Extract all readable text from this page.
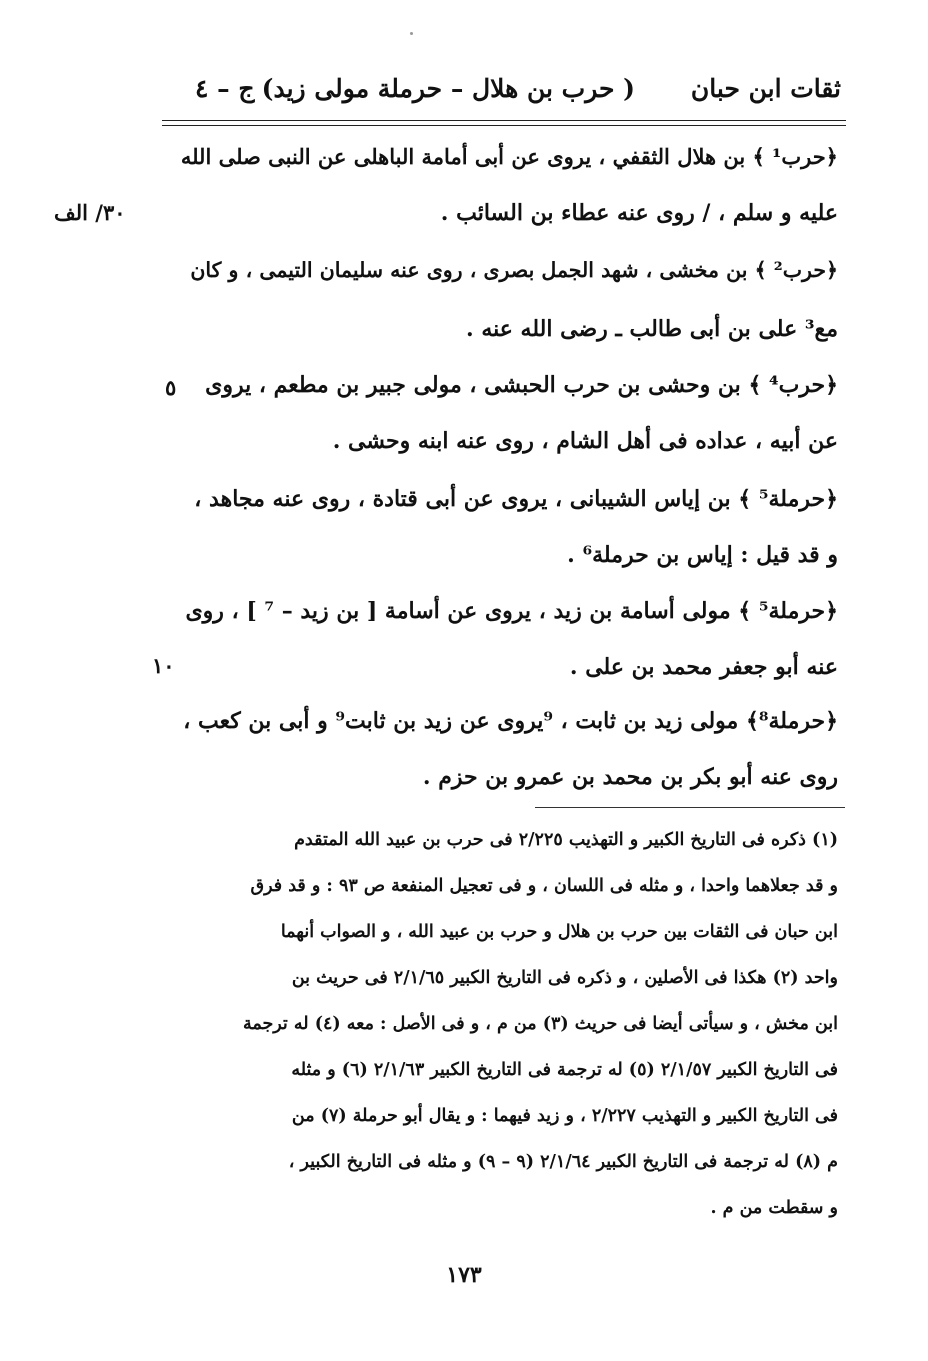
ثقات ابن حبان
( حرب بن هلال – حرملة مولى زيد)
ج – ٤
٣٠/ الف
٥
١٠
﴿حرب¹ ﴾ بن هلال الثقفي ، يروى عن أبى أمامة الباهلى عن النبى صلى الله
عليه و سلم ، / روى عنه عطاء بن السائب .
﴿حرب² ﴾ بن مخشى ، شهد الجمل بصرى ، روى عنه سليمان التيمى ، و كان
مع³ على بن أبى طالب ـ رضى الله عنه .
﴿حرب⁴ ﴾ بن وحشى بن حرب الحبشى ، مولى جبير بن مطعم ، يروى
عن أبيه ، عداده فى أهل الشام ، روى عنه ابنه وحشى .
﴿حرملة⁵ ﴾ بن إياس الشيبانى ، يروى عن أبى قتادة ، روى عنه مجاهد ،
و قد قيل : إياس بن حرملة⁶ .
﴿حرملة⁵ ﴾ مولى أسامة بن زيد ، يروى عن أسامة [ بن زيد – ⁷ ] ، روى
عنه أبو جعفر محمد بن على .
﴿حرملة⁸﴾ مولى زيد بن ثابت ، ⁹يروى عن زيد بن ثابت⁹ و أبى بن كعب ،
روى عنه أبو بكر بن محمد بن عمرو بن حزم .
(١) ذكره فى التاريخ الكبير و التهذيب ٢/٢٢٥ فى حرب بن عبيد الله المتقدم
و قد جعلاهما واحدا ، و مثله فى اللسان ، و فى تعجيل المنفعة ص ٩٣ : و قد فرق
ابن حبان فى الثقات بين حرب بن هلال و حرب بن عبيد الله ، و الصواب أنهما
واحد (٢) هكذا فى الأصلين ، و ذكره فى التاريخ الكبير ٢/١/٦٥ فى حريث بن
ابن مخش ، و سيأتى أيضا فى حريث (٣) من م ، و فى الأصل : معه (٤) له ترجمة
فى التاريخ الكبير ٢/١/٥٧ (٥) له ترجمة فى التاريخ الكبير ٢/١/٦٣ (٦) و مثله
فى التاريخ الكبير و التهذيب ٢/٢٢٧ ، و زيد فيهما : و يقال أبو حرملة (٧) من
م (٨) له ترجمة فى التاريخ الكبير ٢/١/٦٤ (٩ – ٩) و مثله فى التاريخ الكبير ،
و سقطت من م .
١٧٣
